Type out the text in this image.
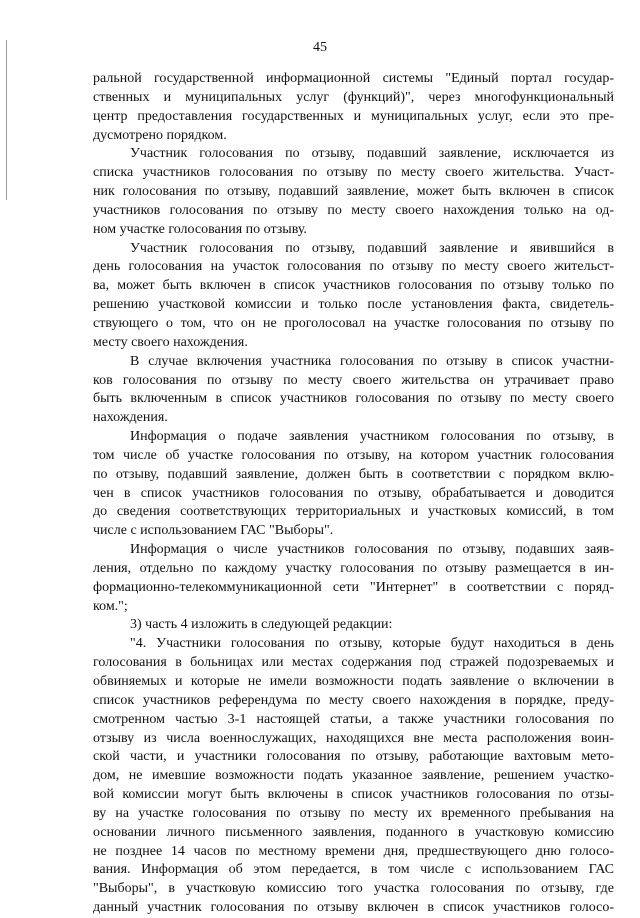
45
ральной государственной информационной системы "Единый портал государ-
ственных и муниципальных услуг (функций)", через многофункциональный
центр предоставления государственных и муниципальных услуг, если это пре-
дусмотрено порядком.
Участник голосования по отзыву, подавший заявление, исключается из
списка участников голосования по отзыву по месту своего жительства. Участ-
ник голосования по отзыву, подавший заявление, может быть включен в список
участников голосования по отзыву по месту своего нахождения только на од-
ном участке голосования по отзыву.
Участник голосования по отзыву, подавший заявление и явившийся в
день голосования на участок голосования по отзыву по месту своего жительст-
ва, может быть включен в список участников голосования по отзыву только по
решению участковой комиссии и только после установления факта, свидетель-
ствующего о том, что он не проголосовал на участке голосования по отзыву по
месту своего нахождения.
В случае включения участника голосования по отзыву в список участни-
ков голосования по отзыву по месту своего жительства он утрачивает право
быть включенным в список участников голосования по отзыву по месту своего
нахождения.
Информация о подаче заявления участником голосования по отзыву, в
том числе об участке голосования по отзыву, на котором участник голосования
по отзыву, подавший заявление, должен быть в соответствии с порядком вклю-
чен в список участников голосования по отзыву, обрабатывается и доводится
до сведения соответствующих территориальных и участковых комиссий, в том
числе с использованием ГАС "Выборы".
Информация о числе участников голосования по отзыву, подавших заяв-
ления, отдельно по каждому участку голосования по отзыву размещается в ин-
формационно-телекоммуникационной сети "Интернет" в соответствии с поряд-
ком.";
3) часть 4 изложить в следующей редакции:
"4. Участники голосования по отзыву, которые будут находиться в день
голосования в больницах или местах содержания под стражей подозреваемых и
обвиняемых и которые не имели возможности подать заявление о включении в
список участников референдума по месту своего нахождения в порядке, преду-
смотренном частью 3-1 настоящей статьи, а также участники голосования по
отзыву из числа военнослужащих, находящихся вне места расположения воин-
ской части, и участники голосования по отзыву, работающие вахтовым мето-
дом, не имевшие возможности подать указанное заявление, решением участко-
вой комиссии могут быть включены в список участников голосования по отзы-
ву на участке голосования по отзыву по месту их временного пребывания на
основании личного письменного заявления, поданного в участковую комиссию
не позднее 14 часов по местному времени дня, предшествующего дню голосо-
вания. Информация об этом передается, в том числе с использованием ГАС
"Выборы", в участковую комиссию того участка голосования по отзыву, где
данный участник голосования по отзыву включен в список участников голосо-
